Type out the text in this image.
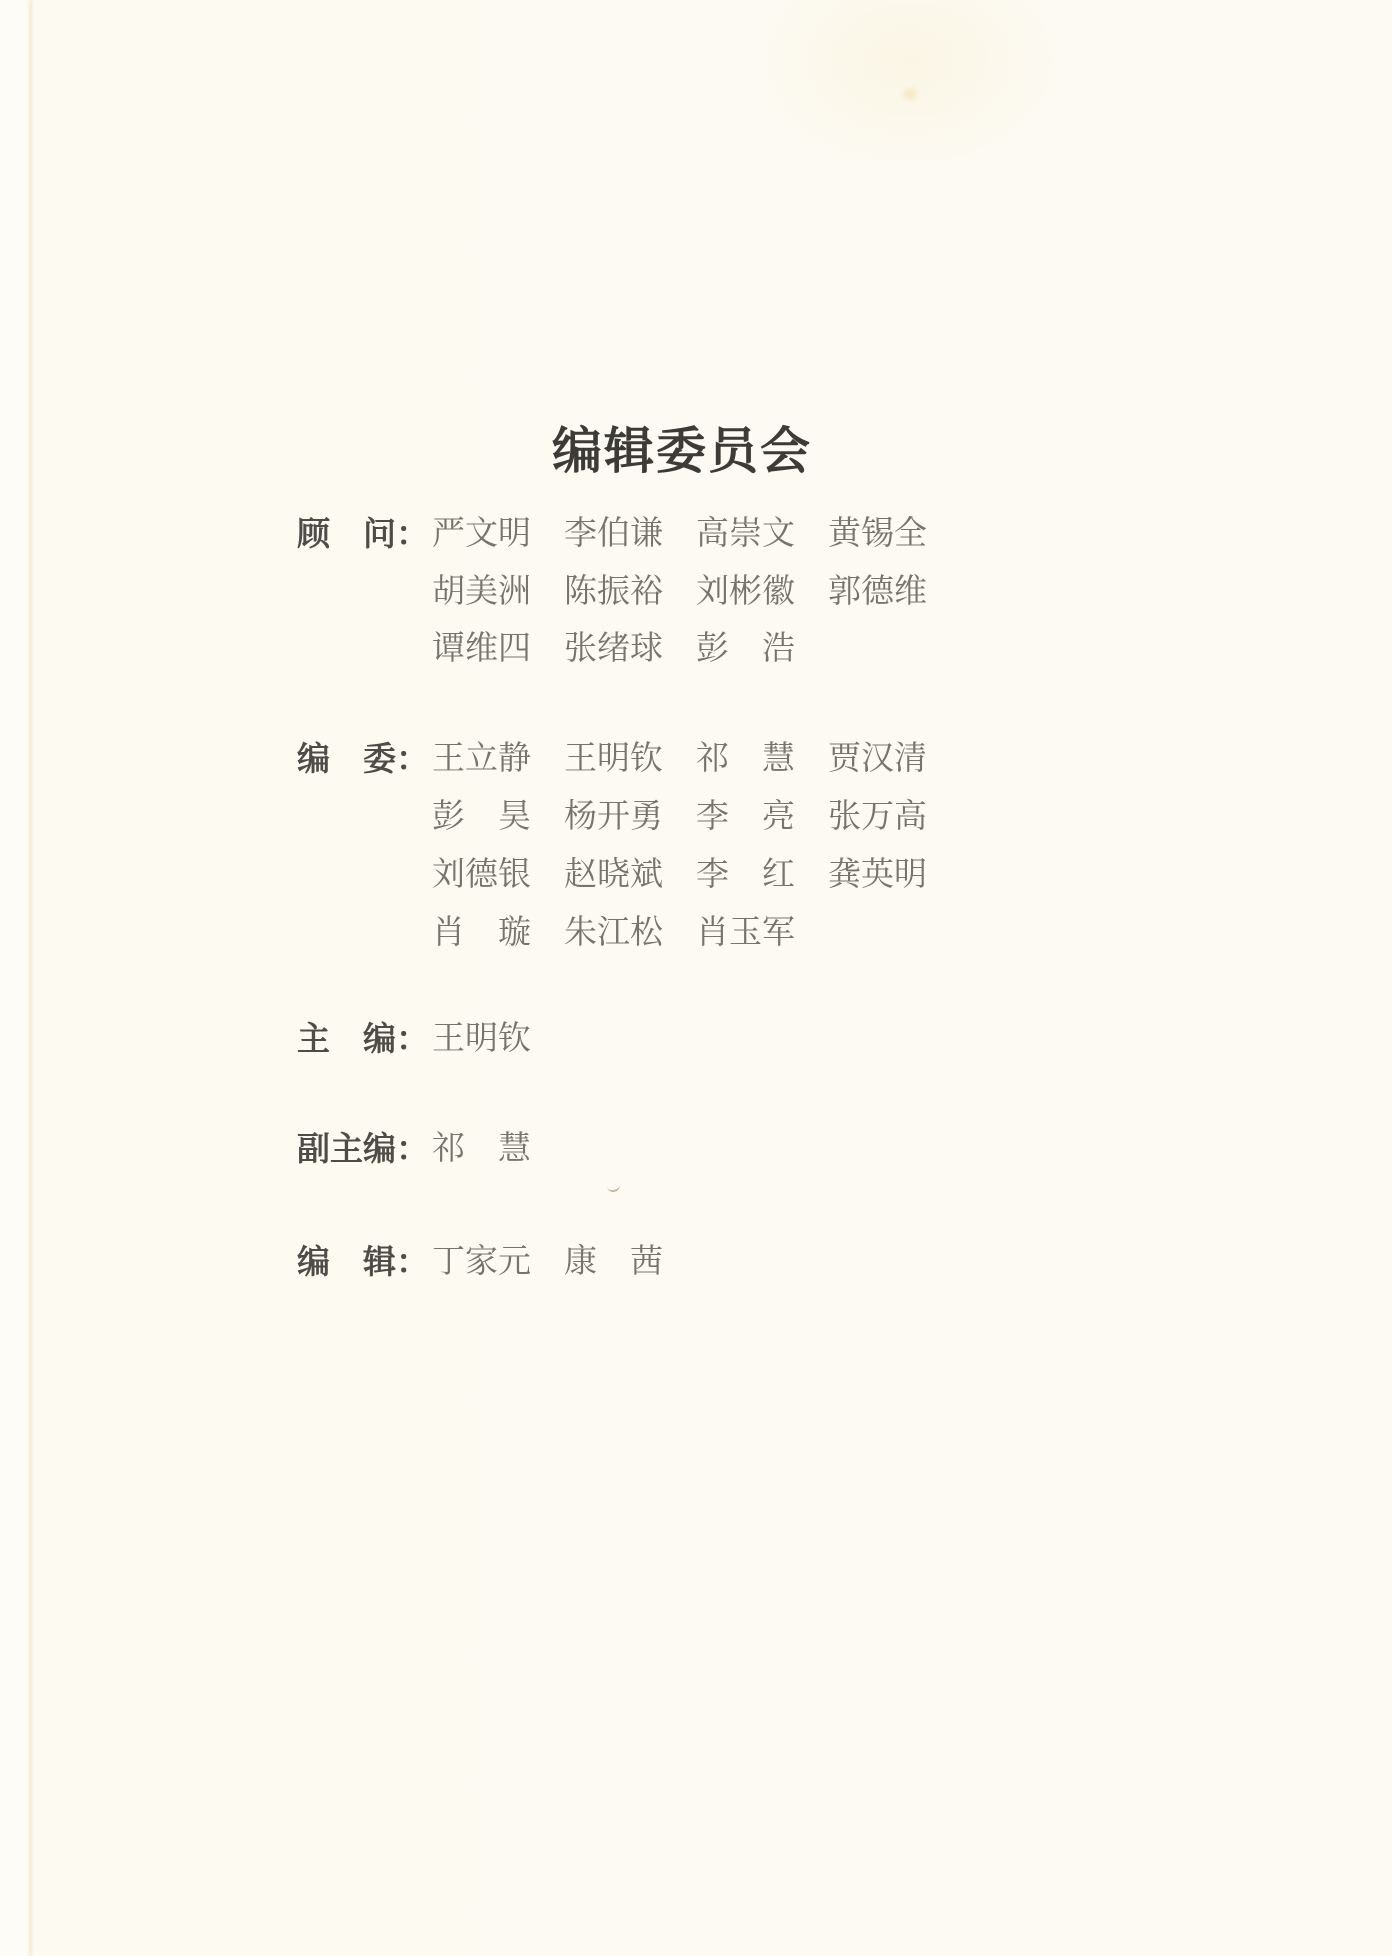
编辑委员会
顾　问： 严文明　李伯谦　高崇文　黄锡全
胡美洲　陈振裕　刘彬徽　郭德维
谭维四　张绪球　彭　浩
编　委： 王立静　王明钦　祁　慧　贾汉清
彭　昊　杨开勇　李　亮　张万高
刘德银　赵晓斌　李　红　龚英明
肖　璇　朱江松　肖玉军
主　编： 王明钦
副主编： 祁　慧
编　辑： 丁家元　康　茜
